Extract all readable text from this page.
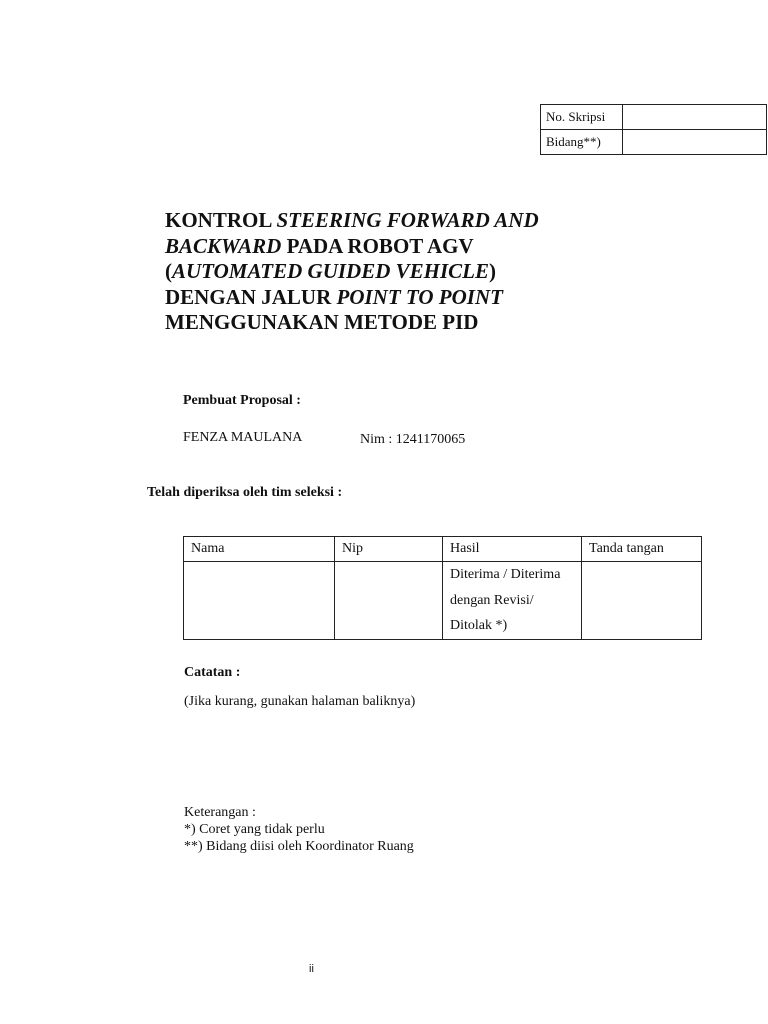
No. Skripsi	
Bidang**)	
KONTROL STEERING FORWARD AND
BACKWARD PADA ROBOT AGV
(AUTOMATED GUIDED VEHICLE)
DENGAN JALUR POINT TO POINT
MENGGUNAKAN METODE PID
Pembuat Proposal :
FENZA MAULANA	Nim : 1241170065
Telah diperiksa oleh tim seleksi :
Nama	Nip	Hasil	Tanda tangan

		Diterima / Diterima
dengan Revisi/
Ditolak *)	

Catatan :
(Jika kurang, gunakan halaman baliknya)
Keterangan :
*) Coret yang tidak perlu
**) Bidang diisi oleh Koordinator Ruang
ii
